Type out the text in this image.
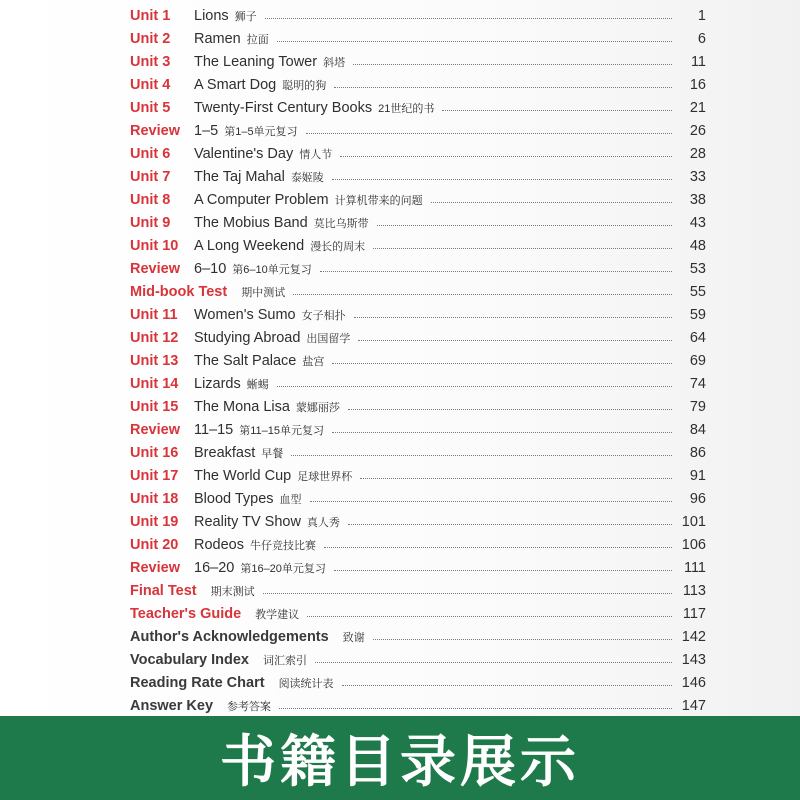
Unit 1	Lions 狮子	1
Unit 2	Ramen 拉面	6
Unit 3	The Leaning Tower 斜塔	11
Unit 4	A Smart Dog 聪明的狗	16
Unit 5	Twenty-First Century Books 21世纪的书	21
Review 1–5 第1–5单元复习	26
Unit 6	Valentine's Day 情人节	28
Unit 7	The Taj Mahal 泰姬陵	33
Unit 8	A Computer Problem 计算机带来的问题	38
Unit 9	The Mobius Band 莫比乌斯带	43
Unit 10	A Long Weekend 漫长的周末	48
Review 6–10 第6–10单元复习	53
Mid-book Test 期中测试	55
Unit 11	Women's Sumo 女子相扑	59
Unit 12	Studying Abroad 出国留学	64
Unit 13	The Salt Palace 盐宫	69
Unit 14	Lizards 蜥蜴	74
Unit 15	The Mona Lisa 蒙娜丽莎	79
Review 11–15 第11–15单元复习	84
Unit 16	Breakfast 早餐	86
Unit 17	The World Cup 足球世界杯	91
Unit 18	Blood Types 血型	96
Unit 19	Reality TV Show 真人秀	101
Unit 20	Rodeos 牛仔竞技比赛	106
Review 16–20 第16–20单元复习	111
Final Test 期末测试	113
Teacher's Guide 教学建议	117
Author's Acknowledgements 致谢	142
Vocabulary Index 词汇索引	143
Reading Rate Chart 阅读统计表	146
Answer Key 参考答案	147
书籍目录展示
